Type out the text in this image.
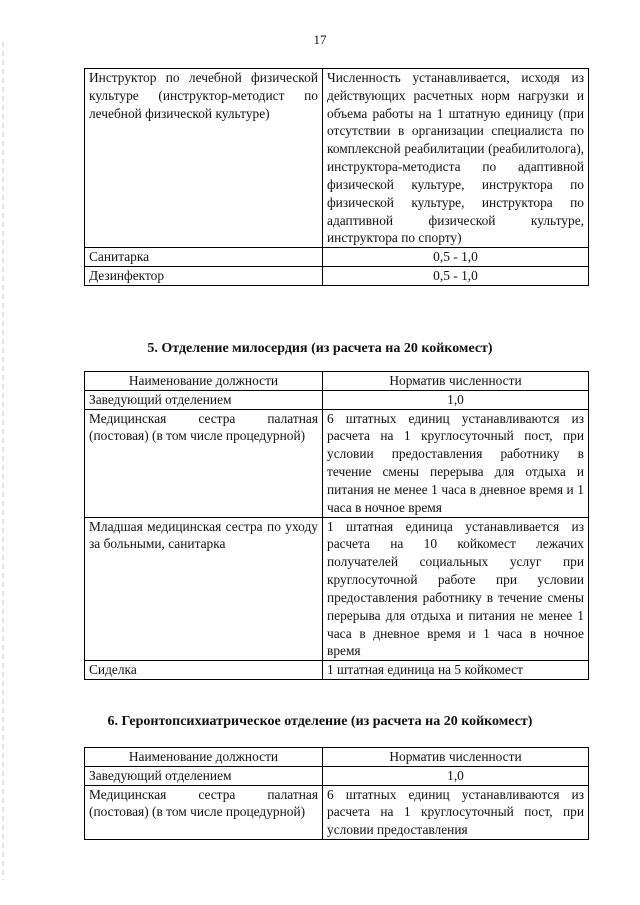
17
Инструктор по лечебной физической культуре (инструктор-методист по лечебной физической культуре)	Численность устанавливается, исходя из действующих расчетных норм нагрузки и объема работы на 1 штатную единицу (при отсутствии в организации специалиста по комплексной реабилитации (реабилитолога), инструктора-методиста по адаптивной физической культуре, инструктора по физической культуре, инструктора по адаптивной физической культуре, инструктора по спорту)
Санитарка	0,5 - 1,0
Дезинфектор	0,5 - 1,0
5. Отделение милосердия (из расчета на 20 койкомест)
Наименование должности	Норматив численности
Заведующий отделением	1,0
Медицинская сестра палатная (постовая) (в том числе процедурной)	6 штатных единиц устанавливаются из расчета на 1 круглосуточный пост, при условии предоставления работнику в течение смены перерыва для отдыха и питания не менее 1 часа в дневное время и 1 часа в ночное время
Младшая медицинская сестра по уходу за больными, санитарка	1 штатная единица устанавливается из расчета на 10 койкомест лежачих получателей социальных услуг при круглосуточной работе при условии предоставления работнику в течение смены перерыва для отдыха и питания не менее 1 часа в дневное время и 1 часа в ночное время
Сиделка	1 штатная единица на 5 койкомест
6. Геронтопсихиатрическое отделение (из расчета на 20 койкомест)
Наименование должности	Норматив численности
Заведующий отделением	1,0
Медицинская сестра палатная (постовая) (в том числе процедурной)	6 штатных единиц устанавливаются из расчета на 1 круглосуточный пост, при условии предоставления
